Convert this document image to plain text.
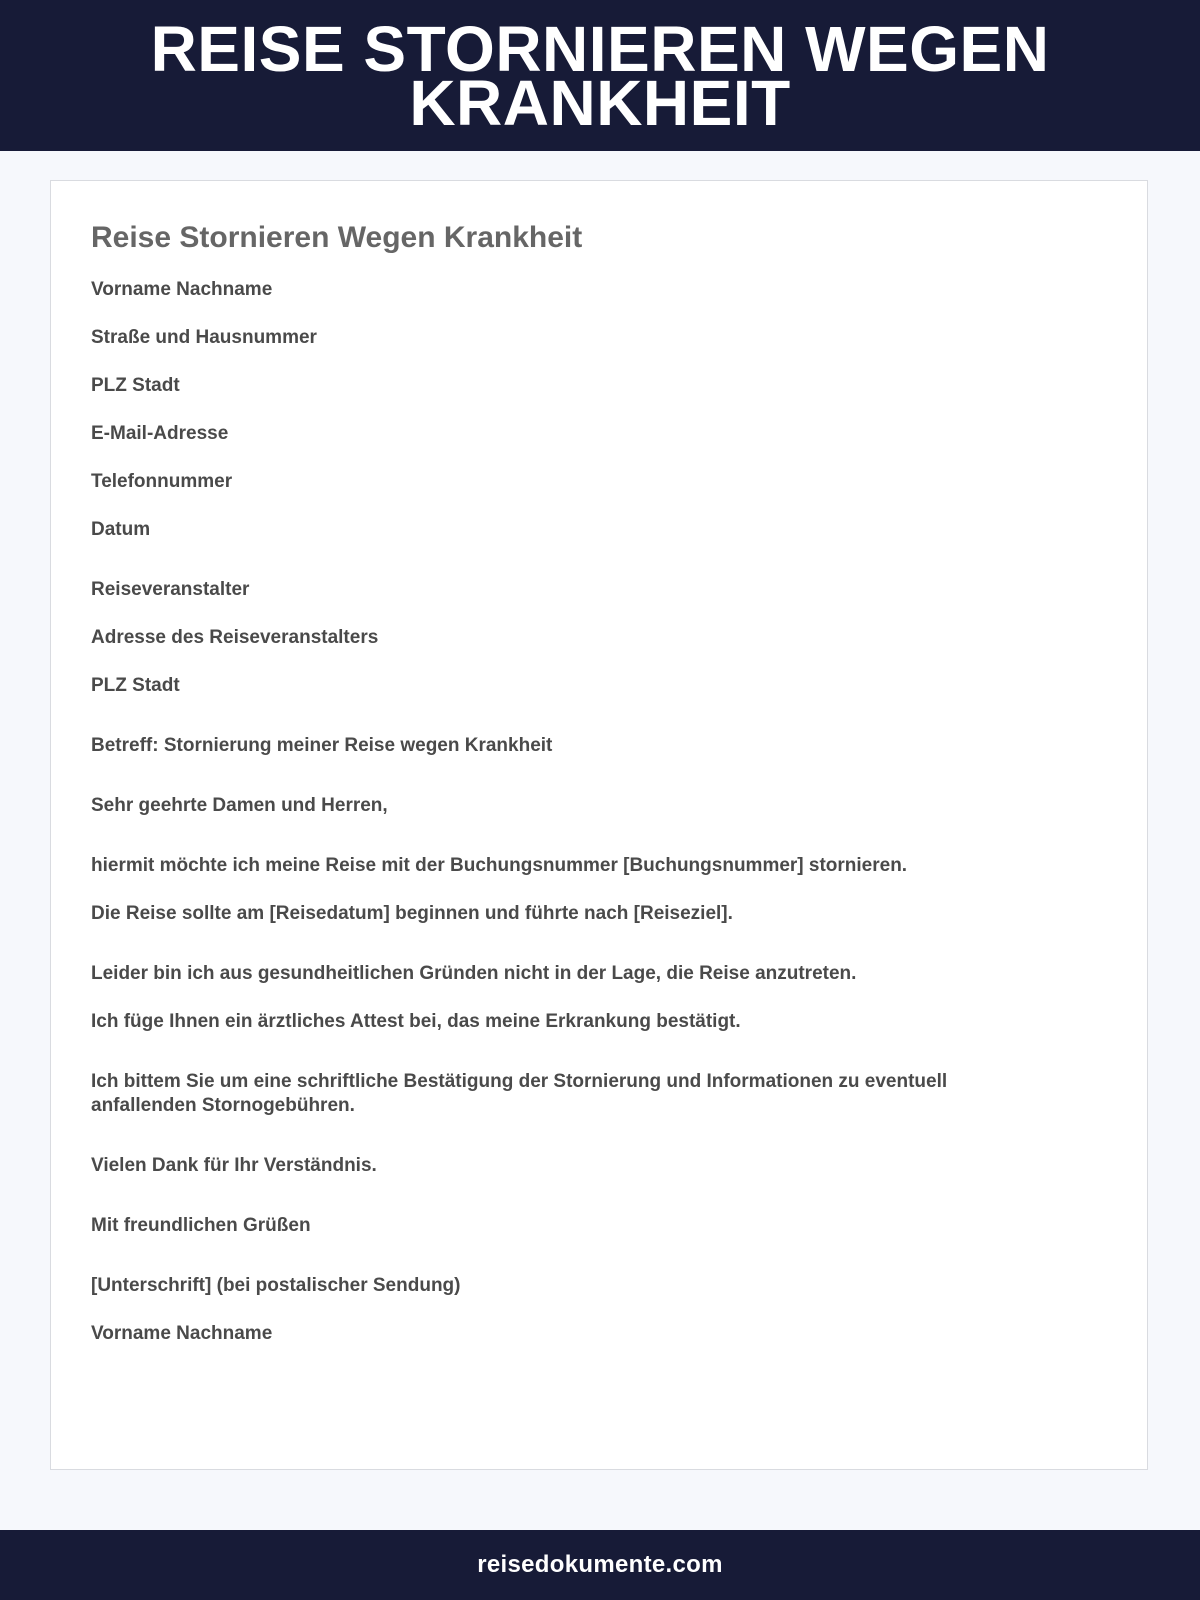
REISE STORNIEREN WEGEN KRANKHEIT
Reise Stornieren Wegen Krankheit

Vorname Nachname

Straße und Hausnummer

PLZ Stadt

E-Mail-Adresse

Telefonnummer

Datum

Reiseveranstalter

Adresse des Reiseveranstalters

PLZ Stadt

Betreff: Stornierung meiner Reise wegen Krankheit

Sehr geehrte Damen und Herren,

hiermit möchte ich meine Reise mit der Buchungsnummer [Buchungsnummer] stornieren.

Die Reise sollte am [Reisedatum] beginnen und führte nach [Reiseziel].

Leider bin ich aus gesundheitlichen Gründen nicht in der Lage, die Reise anzutreten.

Ich füge Ihnen ein ärztliches Attest bei, das meine Erkrankung bestätigt.

Ich bittem Sie um eine schriftliche Bestätigung der Stornierung und Informationen zu eventuell anfallenden Stornogebühren.

Vielen Dank für Ihr Verständnis.

Mit freundlichen Grüßen

[Unterschrift] (bei postalischer Sendung)

Vorname Nachname

reisedokumente.com
